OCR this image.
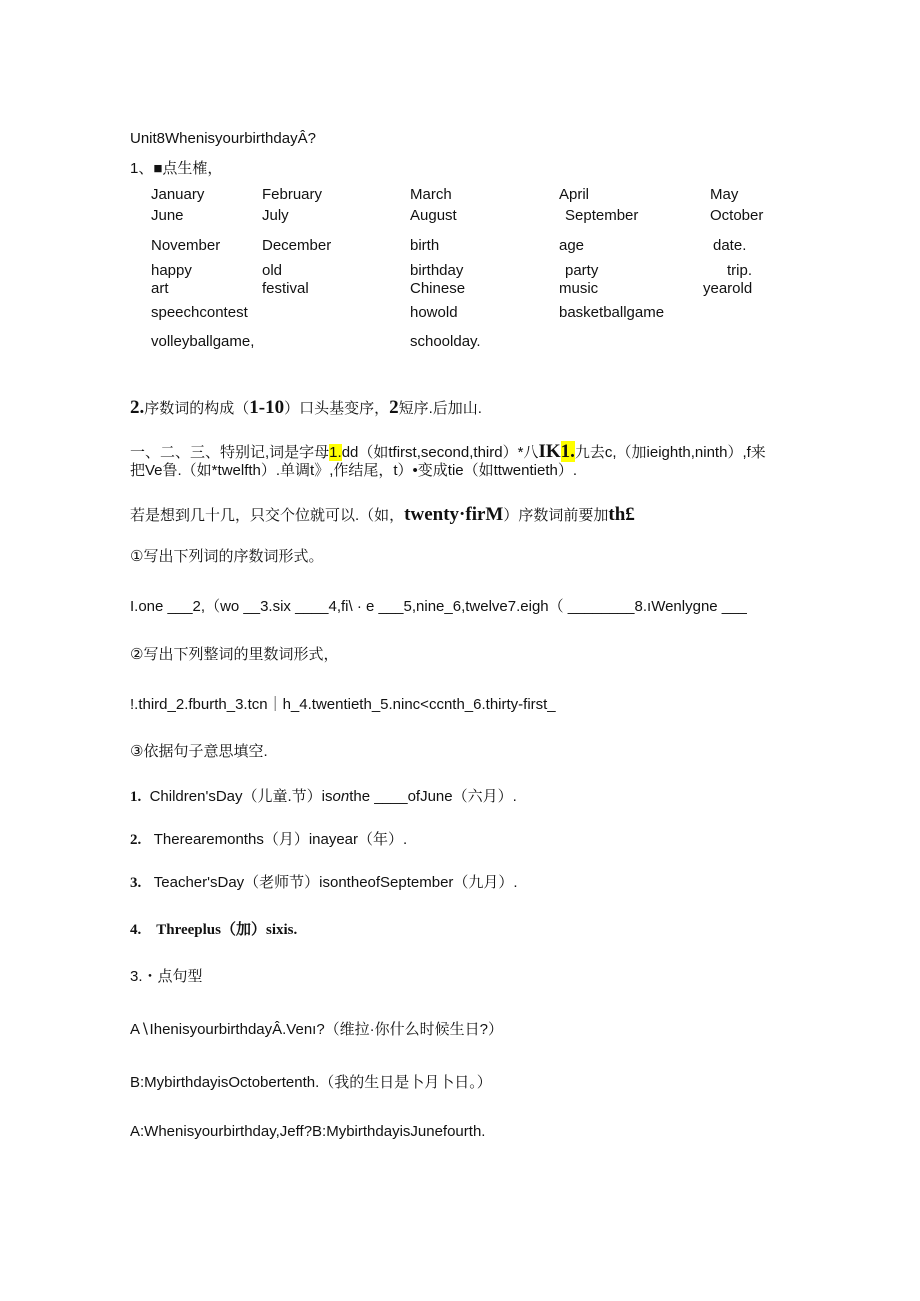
Unit8WhenisyourbirthdayÂ?
1、■点生榷，
January	February	March	April	May
June	July	August	September	October
November	December	birth	age	date.
happy	old	birthday	party	trip.
art	festival	Chinese	music	yearold
speechcontest	howold	basketballgame
volleyballgame,	schoolday.
2.序数词的构成（1-10）口头基变序，2短序.后加山.
一、二、三、特别记,词是字母1.dd（如tfirst,second,third）*八IK1.九去c,（加ieighth,ninth）,f来
把Ve鲁.（如*twelfth）.单调t》,作结尾，t）•变成tie（如ttwentieth）.
若是想到几十几，只交个位就可以.（如，twenty·firM）序数词前要加th£
①写出下列词的序数词形式。
I.one ___2,（wo __3.six ____4,fi\ · e ___5,nine_6,twelve7.eigh（ ________8.ıWenlygne ___
②写出下列整词的里数词形式，
!.third_2.fburth_3.tcn｜h_4.twentieth_5.ninc<ccnth_6.thirty-first_
③依据句子意思填空.
1. Children'sDay（儿童.节）isonthe ____ofJune（六月）.
2. Therearemonths（月）inayear（年）.
3. Teacher'sDay（老师节）isontheofSeptember（九月）.
4. Threeplus（加）sixis.
3.・点句型
A∖IhenisyourbirthdayÂ.Venı?（维拉·你什么时候生日?）
B:MybirthdayisOctobertenth.（我的生日是卜月卜日。）
A:Whenisyourbirthday,Jeff?B:MybirthdayisJunefourth.
